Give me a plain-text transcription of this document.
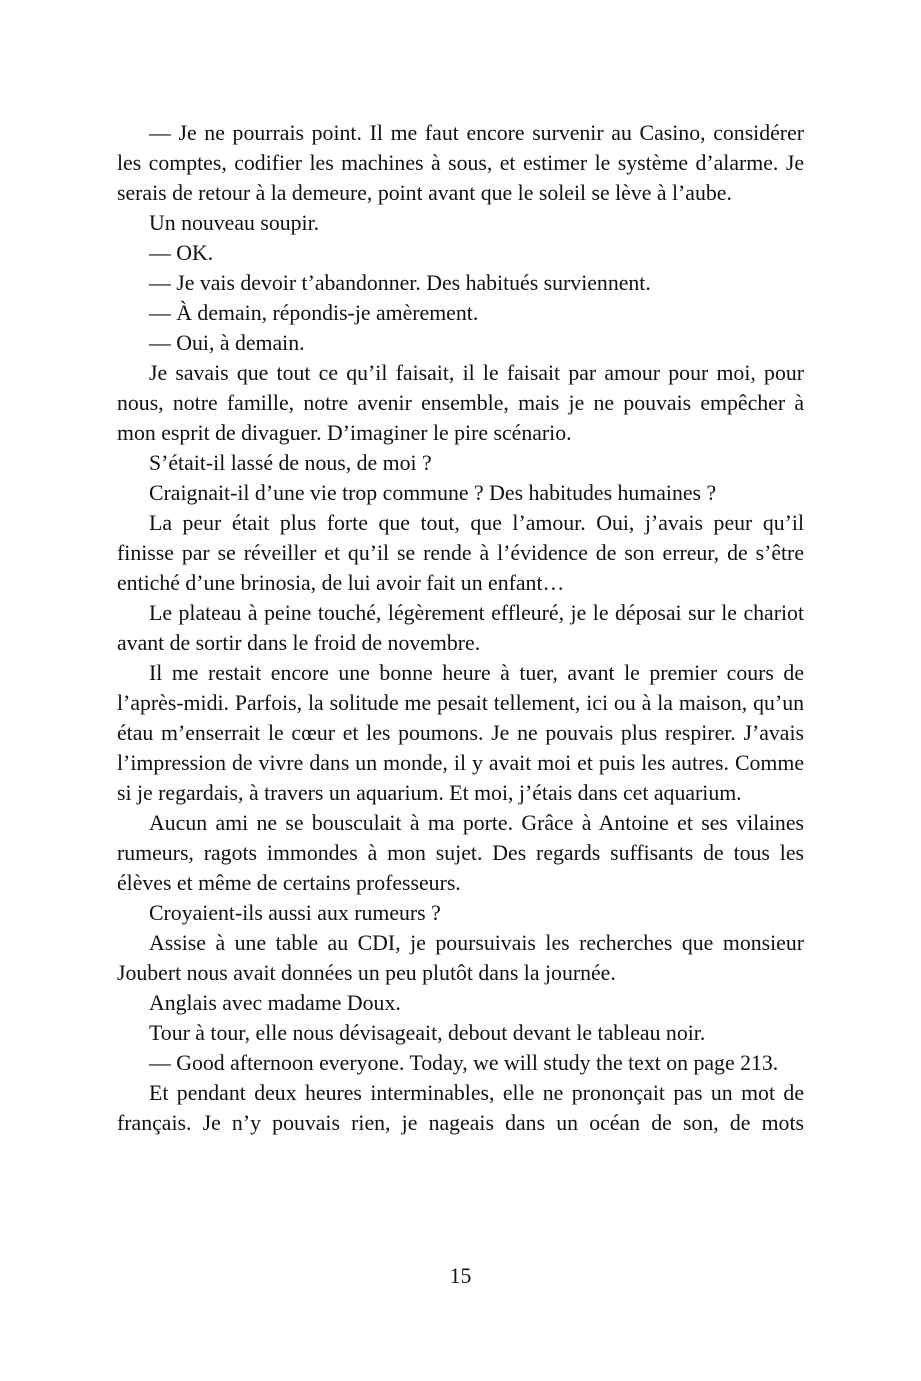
— Je ne pourrais point. Il me faut encore survenir au Casino, considérer les comptes, codifier les machines à sous, et estimer le système d’alarme. Je serais de retour à la demeure, point avant que le soleil se lève à l’aube.

Un nouveau soupir.

— OK.

— Je vais devoir t’abandonner. Des habitués surviennent.

— À demain, répondis-je amèrement.

— Oui, à demain.

Je savais que tout ce qu’il faisait, il le faisait par amour pour moi, pour nous, notre famille, notre avenir ensemble, mais je ne pouvais empêcher à mon esprit de divaguer. D’imaginer le pire scénario.

S’était-il lassé de nous, de moi ?

Craignait-il d’une vie trop commune ? Des habitudes humaines ?

La peur était plus forte que tout, que l’amour. Oui, j’avais peur qu’il finisse par se réveiller et qu’il se rende à l’évidence de son erreur, de s’être entiché d’une brinosia, de lui avoir fait un enfant…

Le plateau à peine touché, légèrement effleuré, je le déposai sur le chariot avant de sortir dans le froid de novembre.

Il me restait encore une bonne heure à tuer, avant le premier cours de l’après-midi. Parfois, la solitude me pesait tellement, ici ou à la maison, qu’un étau m’enserrait le cœur et les poumons. Je ne pouvais plus respirer. J’avais l’impression de vivre dans un monde, il y avait moi et puis les autres. Comme si je regardais, à travers un aquarium. Et moi, j’étais dans cet aquarium.

Aucun ami ne se bousculait à ma porte. Grâce à Antoine et ses vilaines rumeurs, ragots immondes à mon sujet. Des regards suffisants de tous les élèves et même de certains professeurs.

Croyaient-ils aussi aux rumeurs ?

Assise à une table au CDI, je poursuivais les recherches que monsieur Joubert nous avait données un peu plutôt dans la journée.

Anglais avec madame Doux.

Tour à tour, elle nous dévisageait, debout devant le tableau noir.

— Good afternoon everyone. Today, we will study the text on page 213.

Et pendant deux heures interminables, elle ne prononçait pas un mot de français. Je n’y pouvais rien, je nageais dans un océan de son, de mots

15
